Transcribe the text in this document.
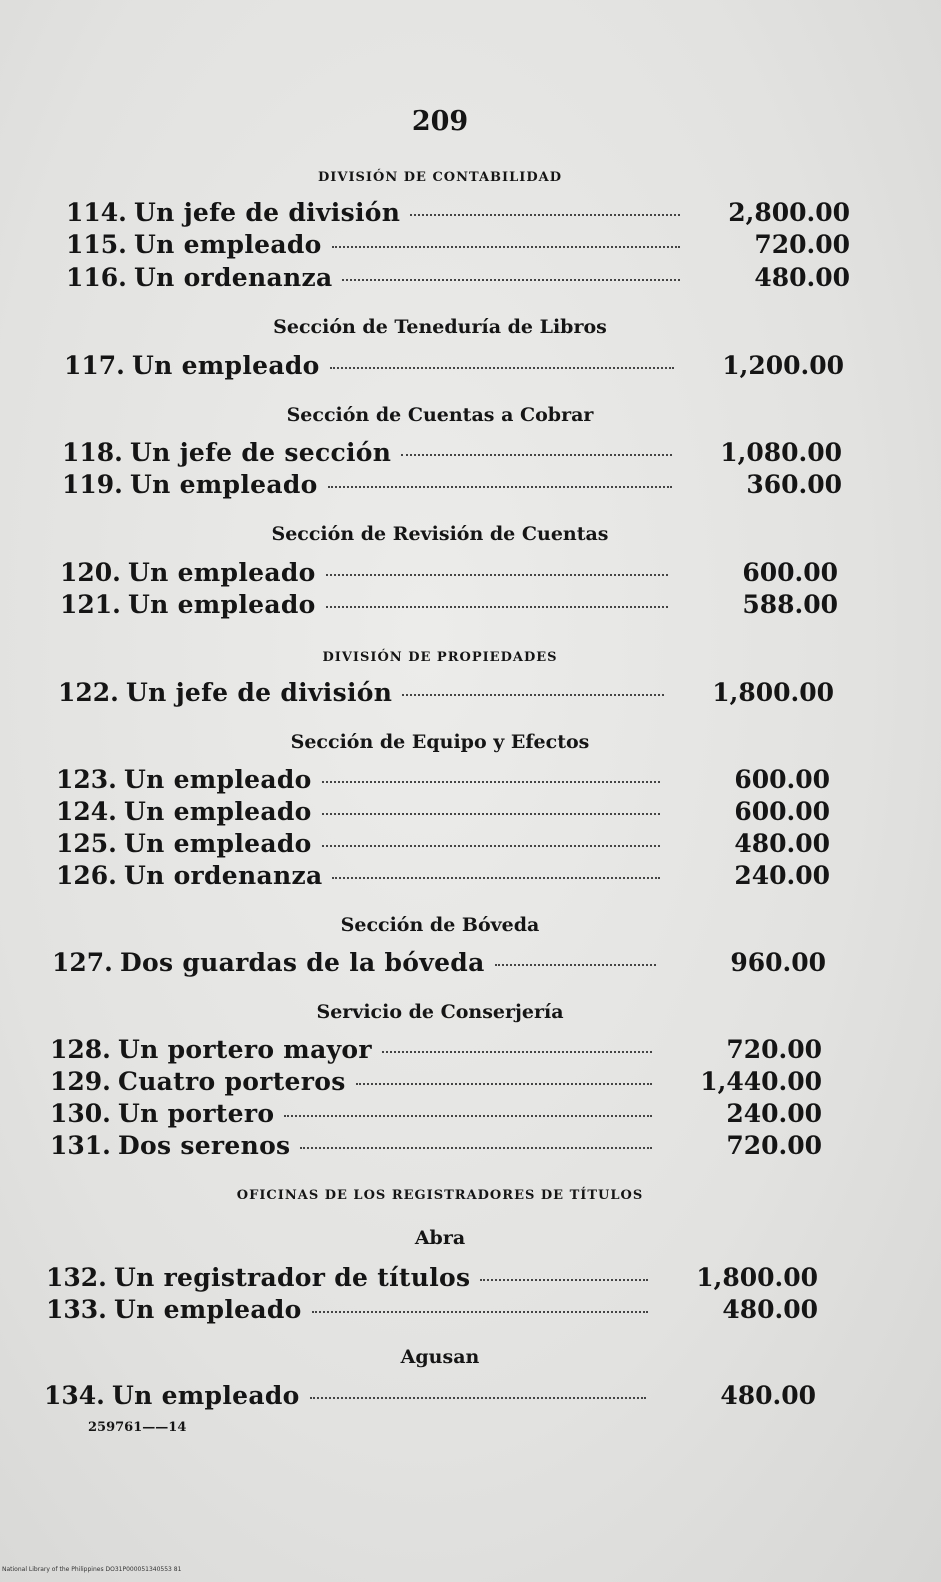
209
DIVISIÓN DE CONTABILIDAD
114. Un jefe de división	2,800.00
115. Un empleado	720.00
116. Un ordenanza	480.00
Sección de Teneduría de Libros
117. Un empleado	1,200.00
Sección de Cuentas a Cobrar
118. Un jefe de sección	1,080.00
119. Un empleado	360.00
Sección de Revisión de Cuentas
120. Un empleado	600.00
121. Un empleado	588.00
DIVISIÓN DE PROPIEDADES
122. Un jefe de división	1,800.00
Sección de Equipo y Efectos
123. Un empleado	600.00
124. Un empleado	600.00
125. Un empleado	480.00
126. Un ordenanza	240.00
Sección de Bóveda
127. Dos guardas de la bóveda	960.00
Servicio de Conserjería
128. Un portero mayor	720.00
129. Cuatro porteros	1,440.00
130. Un portero	240.00
131. Dos serenos	720.00
OFICINAS DE LOS REGISTRADORES DE TÍTULOS
Abra
132. Un registrador de títulos	1,800.00
133. Un empleado	480.00
Agusan
134. Un empleado	480.00
259761——14
National Library of the Philippines DO31P000051340553 81
